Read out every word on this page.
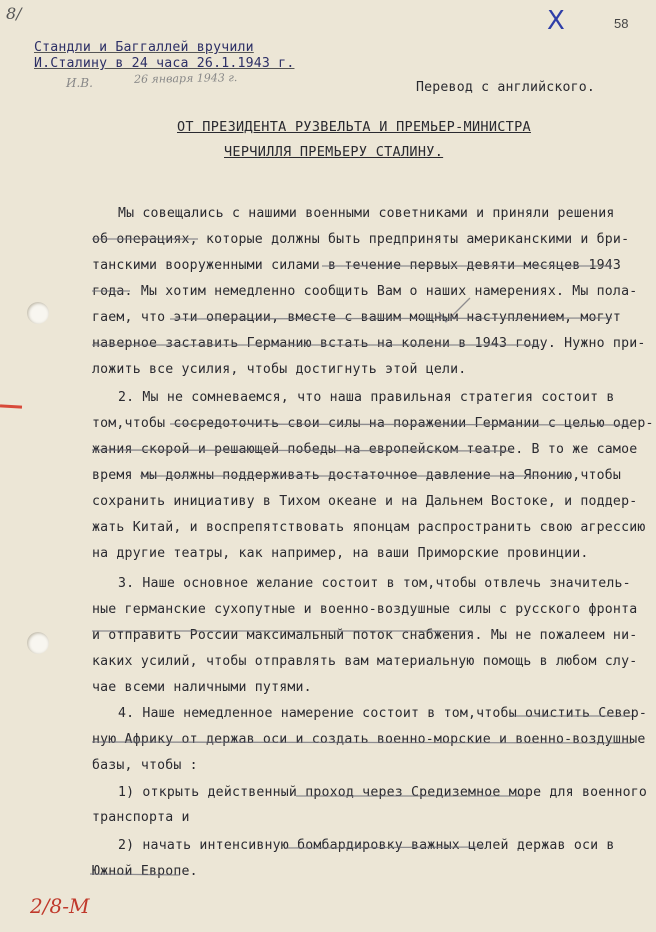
8/	X	58
Стандли и Баггаллей вручили
И.Сталину в 24 часа 26.1.1943 г.
И.В.	26 января 1943 г.
Перевод с английского.
ОТ ПРЕЗИДЕНТА РУЗВЕЛЬТА И ПРЕМЬЕР-МИНИСТРА
ЧЕРЧИЛЛЯ ПРЕМЬЕРУ СТАЛИНУ.
Мы совещались с нашими военными советниками и приняли решения
об операциях, которые должны быть предприняты американскими и бри-
танскими вооруженными силами в течение первых девяти месяцев 1943
года. Мы хотим немедленно сообщить Вам о наших намерениях. Мы пола-
гаем, что эти операции, вместе с вашим мощным наступлением, могут
наверное заставить Германию встать на колени в 1943 году. Нужно при-
ложить все усилия, чтобы достигнуть этой цели.
2. Мы не сомневаемся, что наша правильная стратегия состоит в
том,чтобы сосредоточить свои силы на поражении Германии с целью одер-
жания скорой и решающей победы на европейском театре. В то же самое
время мы должны поддерживать достаточное давление на Японию,чтобы
сохранить инициативу в Тихом океане и на Дальнем Востоке, и поддер-
жать Китай, и воспрепятствовать японцам распространить свою агрессию
на другие театры, как например, на ваши Приморские провинции.
3. Наше основное желание состоит в том,чтобы отвлечь значитель-
ные германские сухопутные и военно-воздушные силы с русского фронта
и отправить России максимальный поток снабжения. Мы не пожалеем ни-
каких усилий, чтобы отправлять вам материальную помощь в любом слу-
чае всеми наличными путями.
4. Наше немедленное намерение состоит в том,чтобы очистить Север-
ную Африку от держав оси и создать военно-морские и военно-воздушные
базы, чтобы :
1) открыть действенный проход через Средиземное море для военного
транспорта и
2) начать интенсивную бомбардировку важных целей держав оси в
Южной Европе.
2/8-М
